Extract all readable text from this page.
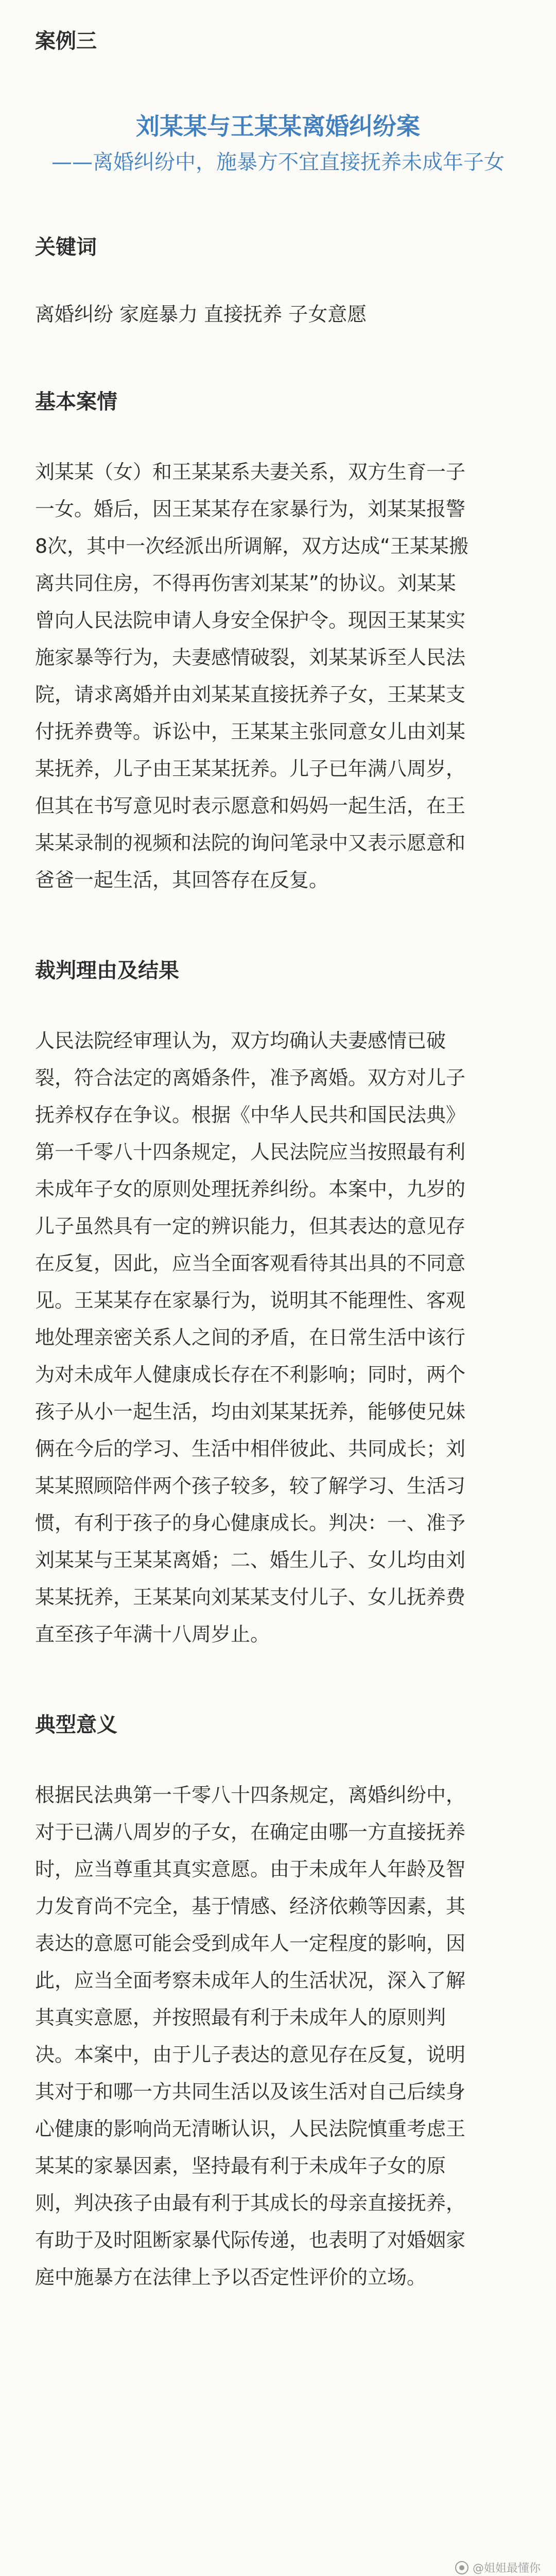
案例三
刘某某与王某某离婚纠纷案
——离婚纠纷中，施暴方不宜直接抚养未成年子女
关键词
离婚纠纷 家庭暴力 直接抚养 子女意愿
基本案情
刘某某（女）和王某某系夫妻关系，双方生育一子
一女。婚后，因王某某存在家暴行为，刘某某报警
8次，其中一次经派出所调解，双方达成“王某某搬
离共同住房，不得再伤害刘某某”的协议。刘某某
曾向人民法院申请人身安全保护令。现因王某某实
施家暴等行为，夫妻感情破裂，刘某某诉至人民法
院，请求离婚并由刘某某直接抚养子女，王某某支
付抚养费等。诉讼中，王某某主张同意女儿由刘某
某抚养，儿子由王某某抚养。儿子已年满八周岁，
但其在书写意见时表示愿意和妈妈一起生活，在王
某某录制的视频和法院的询问笔录中又表示愿意和
爸爸一起生活，其回答存在反复。
裁判理由及结果
人民法院经审理认为，双方均确认夫妻感情已破
裂，符合法定的离婚条件，准予离婚。双方对儿子
抚养权存在争议。根据《中华人民共和国民法典》
第一千零八十四条规定，人民法院应当按照最有利
未成年子女的原则处理抚养纠纷。本案中，九岁的
儿子虽然具有一定的辨识能力，但其表达的意见存
在反复，因此，应当全面客观看待其出具的不同意
见。王某某存在家暴行为，说明其不能理性、客观
地处理亲密关系人之间的矛盾，在日常生活中该行
为对未成年人健康成长存在不利影响；同时，两个
孩子从小一起生活，均由刘某某抚养，能够使兄妹
俩在今后的学习、生活中相伴彼此、共同成长；刘
某某照顾陪伴两个孩子较多，较了解学习、生活习
惯，有利于孩子的身心健康成长。判决：一、准予
刘某某与王某某离婚；二、婚生儿子、女儿均由刘
某某抚养，王某某向刘某某支付儿子、女儿抚养费
直至孩子年满十八周岁止。
典型意义
根据民法典第一千零八十四条规定，离婚纠纷中，
对于已满八周岁的子女，在确定由哪一方直接抚养
时，应当尊重其真实意愿。由于未成年人年龄及智
力发育尚不完全，基于情感、经济依赖等因素，其
表达的意愿可能会受到成年人一定程度的影响，因
此，应当全面考察未成年人的生活状况，深入了解
其真实意愿，并按照最有利于未成年人的原则判
决。本案中，由于儿子表达的意见存在反复，说明
其对于和哪一方共同生活以及该生活对自己后续身
心健康的影响尚无清晰认识，人民法院慎重考虑王
某某的家暴因素，坚持最有利于未成年子女的原
则，判决孩子由最有利于其成长的母亲直接抚养，
有助于及时阻断家暴代际传递，也表明了对婚姻家
庭中施暴方在法律上予以否定性评价的立场。
@姐姐最懂你
